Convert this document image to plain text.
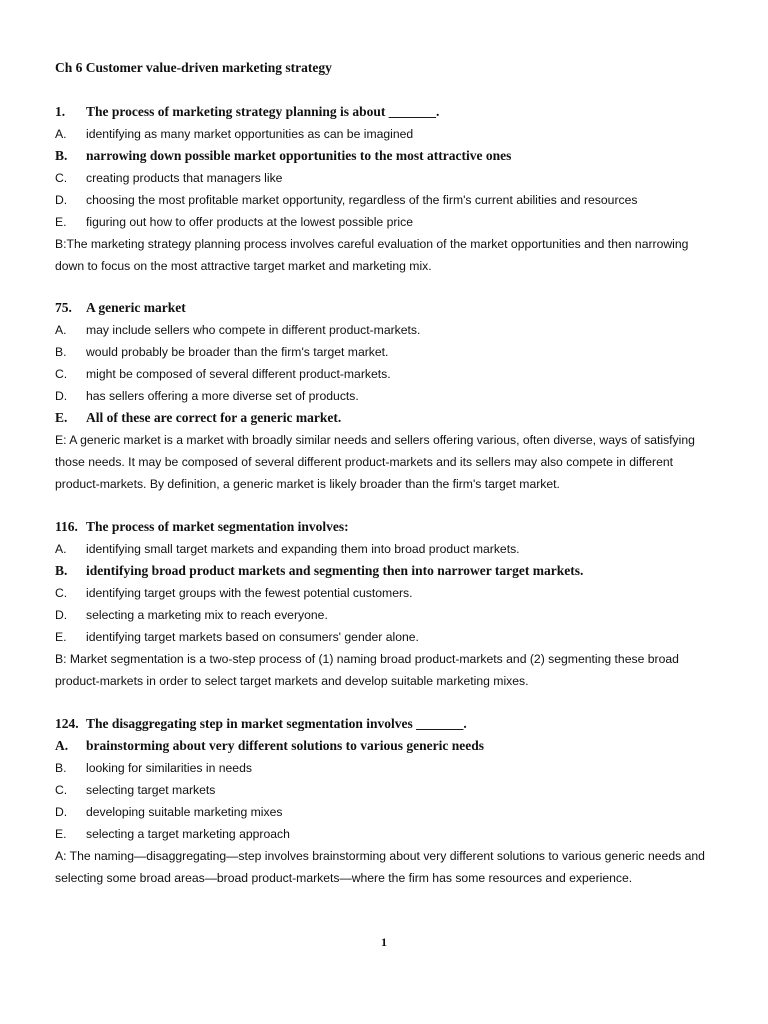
Ch 6 Customer value-driven marketing strategy
1. The process of marketing strategy planning is about _______.
A. identifying as many market opportunities as can be imagined
B. narrowing down possible market opportunities to the most attractive ones
C. creating products that managers like
D. choosing the most profitable market opportunity, regardless of the firm's current abilities and resources
E. figuring out how to offer products at the lowest possible price
B:The marketing strategy planning process involves careful evaluation of the market opportunities and then narrowing down to focus on the most attractive target market and marketing mix.
75. A generic market
A. may include sellers who compete in different product-markets.
B. would probably be broader than the firm's target market.
C. might be composed of several different product-markets.
D. has sellers offering a more diverse set of products.
E. All of these are correct for a generic market.
E: A generic market is a market with broadly similar needs and sellers offering various, often diverse, ways of satisfying those needs. It may be composed of several different product-markets and its sellers may also compete in different product-markets. By definition, a generic market is likely broader than the firm's target market.
116. The process of market segmentation involves:
A. identifying small target markets and expanding them into broad product markets.
B. identifying broad product markets and segmenting then into narrower target markets.
C. identifying target groups with the fewest potential customers.
D. selecting a marketing mix to reach everyone.
E. identifying target markets based on consumers' gender alone.
B: Market segmentation is a two-step process of (1) naming broad product-markets and (2) segmenting these broad product-markets in order to select target markets and develop suitable marketing mixes.
124. The disaggregating step in market segmentation involves _______.
A. brainstorming about very different solutions to various generic needs
B. looking for similarities in needs
C. selecting target markets
D. developing suitable marketing mixes
E. selecting a target marketing approach
A: The naming—disaggregating—step involves brainstorming about very different solutions to various generic needs and selecting some broad areas—broad product-markets—where the firm has some resources and experience.
1
